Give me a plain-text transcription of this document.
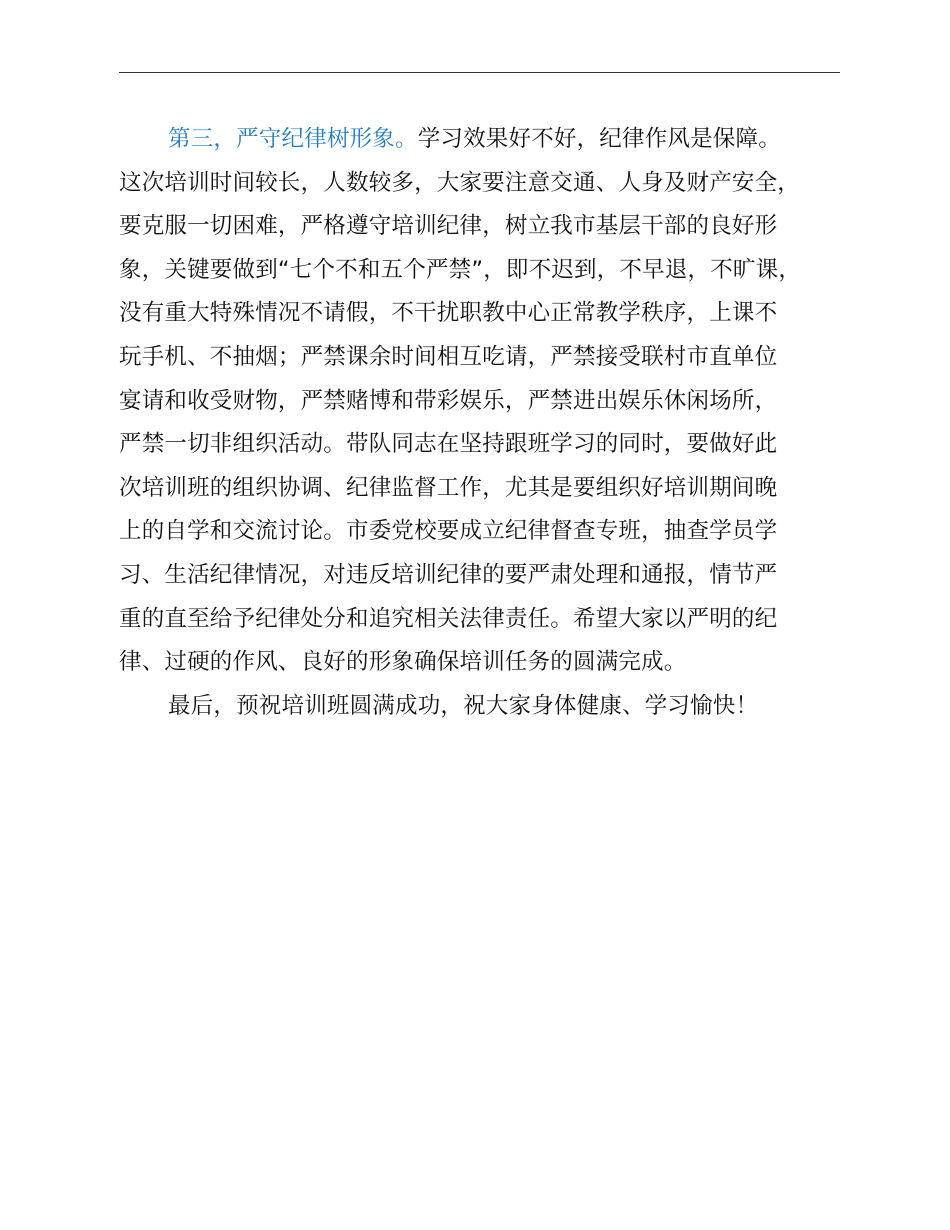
第三，严守纪律树形象。学习效果好不好，纪律作风是保障。
这次培训时间较长，人数较多，大家要注意交通、人身及财产安全，
要克服一切困难，严格遵守培训纪律，树立我市基层干部的良好形
象，关键要做到“七个不和五个严禁”，即不迟到，不早退，不旷课，
没有重大特殊情况不请假，不干扰职教中心正常教学秩序，上课不
玩手机、不抽烟；严禁课余时间相互吃请，严禁接受联村市直单位
宴请和收受财物，严禁赌博和带彩娱乐，严禁进出娱乐休闲场所，
严禁一切非组织活动。带队同志在坚持跟班学习的同时，要做好此
次培训班的组织协调、纪律监督工作，尤其是要组织好培训期间晚
上的自学和交流讨论。市委党校要成立纪律督查专班，抽查学员学
习、生活纪律情况，对违反培训纪律的要严肃处理和通报，情节严
重的直至给予纪律处分和追究相关法律责任。希望大家以严明的纪
律、过硬的作风、良好的形象确保培训任务的圆满完成。
最后，预祝培训班圆满成功，祝大家身体健康、学习愉快！
